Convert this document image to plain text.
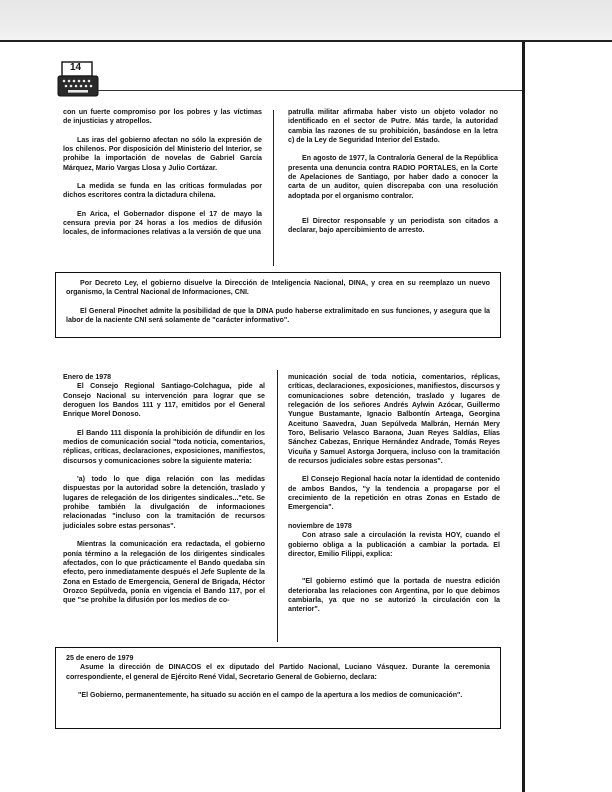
14

con un fuerte compromiso por los pobres y las víctimas de injusticias y atropellos.

Las iras del gobierno afectan no sólo la expresión de los chilenos. Por disposición del Ministerio del Interior, se prohibe la importación de novelas de Gabriel García Márquez, Mario Vargas Llosa y Julio Cortázar.

La medida se funda en las críticas formuladas por dichos escritores contra la dictadura chilena.

En Arica, el Gobernador dispone el 17 de mayo la censura previa por 24 horas a los medios de difusión locales, de informaciones relativas a la versión de que una

patrulla militar afirmaba haber visto un objeto volador no identificado en el sector de Putre. Más tarde, la autoridad cambia las razones de su prohibición, basándose en la letra c) de la Ley de Seguridad Interior del Estado.

En agosto de 1977, la Contraloría General de la República presenta una denuncia contra RADIO PORTALES, en la Corte de Apelaciones de Santiago, por haber dado a conocer la carta de un auditor, quien discrepaba con una resolución adoptada por el organismo contralor.

El Director responsable y un periodista son citados a declarar, bajo apercibimiento de arresto.

Por Decreto Ley, el gobierno disuelve la Dirección de Inteligencia Nacional, DINA, y crea en su reemplazo un nuevo organismo, la Central Nacional de Informaciones, CNI.

El General Pinochet admite la posibilidad de que la DINA pudo haberse extralimitado en sus funciones, y asegura que la labor de la naciente CNI será solamente de "carácter informativo".

Enero de 1978

El Consejo Regional Santiago-Colchagua, pide al Consejo Nacional su intervención para lograr que se deroguen los Bandos 111 y 117, emitidos por el General Enrique Morel Donoso.

El Bando 111 disponía la prohibición de difundir en los medios de comunicación social "toda noticia, comentarios, réplicas, críticas, declaraciones, exposiciones, manifiestos, discursos y comunicaciones sobre la siguiente materia:

'a) todo lo que diga relación con las medidas dispuestas por la autoridad sobre la detención, traslado y lugares de relegación de los dirigentes sindicales..."etc. Se prohibe también la divulgación de informaciones relacionadas "incluso con la tramitación de recursos judiciales sobre estas personas".

Mientras la comunicación era redactada, el gobierno ponía término a la relegación de los dirigentes sindicales afectados, con lo que prácticamente el Bando quedaba sin efecto, pero inmediatamente después el Jefe Suplente de la Zona en Estado de Emergencia, General de Brigada, Héctor Orozco Sepúlveda, ponía en vigencia el Bando 117, por el que "se prohibe la difusión por los medios de co-

municación social de toda noticia, comentarios, réplicas, críticas, declaraciones, exposiciones, manifiestos, discursos y comunicaciones sobre detención, traslado y lugares de relegación de los señores Andrés Aylwin Azócar, Guillermo Yungue Bustamante, Ignacio Balbontín Arteaga, Georgina Aceituno Saavedra, Juan Sepúlveda Malbrán, Hernán Mery Toro, Belisario Velasco Baraona, Juan Reyes Saldías, Elías Sánchez Cabezas, Enrique Hernández Andrade, Tomás Reyes Vicuña y Samuel Astorga Jorquera, incluso con la tramitación de recursos judiciales sobre estas personas".

El Consejo Regional hacía notar la identidad de contenido de ambos Bandos, "y la tendencia a propagarse por el crecimiento de la repetición en otras Zonas en Estado de Emergencia".

noviembre de 1978

Con atraso sale a circulación la revista HOY, cuando el gobierno obliga a la publicación a cambiar la portada. El director, Emilio Filippi, explica:

"El gobierno estimó que la portada de nuestra edición deterioraba las relaciones con Argentina, por lo que debimos cambiarla, ya que no se autorizó la circulación con la anterior".

25 de enero de 1979

Asume la dirección de DINACOS el ex diputado del Partido Nacional, Luciano Vásquez. Durante la ceremonia correspondiente, el general de Ejército René Vidal, Secretario General de Gobierno, declara:

"El Gobierno, permanentemente, ha situado su acción en el campo de la apertura a los medios de comunicación".
